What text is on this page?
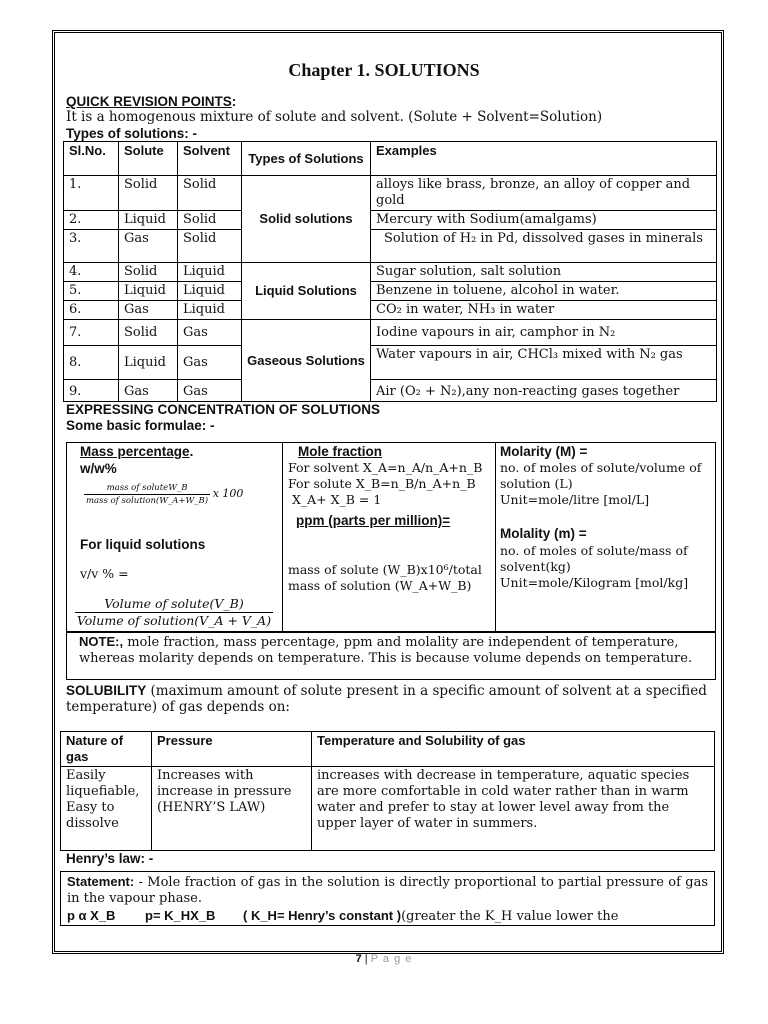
Chapter 1. SOLUTIONS
QUICK REVISION POINTS:
It is a homogenous mixture of solute and solvent. (Solute + Solvent=Solution)
Types of solutions: -
Sl.No.	Solute	Solvent	Types of Solutions	Examples
1.	Solid	Solid	Solid solutions	alloys like brass, bronze, an alloy of copper and gold
2.	Liquid	Solid		Mercury with Sodium(amalgams)
3.	Gas	Solid		Solution of H₂ in Pd, dissolved gases in minerals
4.	Solid	Liquid	Liquid Solutions	Sugar solution, salt solution
5.	Liquid	Liquid		Benzene in toluene, alcohol in water.
6.	Gas	Liquid		CO₂ in water, NH₃ in water
7.	Solid	Gas	Gaseous Solutions	Iodine vapours in air, camphor in N₂
8.	Liquid	Gas		Water vapours in air, CHCl₃ mixed with N₂ gas
9.	Gas	Gas		Air (O₂ + N₂),any non-reacting gases together
EXPRESSING CONCENTRATION OF SOLUTIONS
Some basic formulae: -
Mass percentage.
w/w%
$\frac{\text{mass of soluteW\_B}}{\text{mass of solution(W\_A+W\_B)}}$ x 100
For liquid solutions
v/v % =
$\frac{\text{Volume of solute(V\_B)}}{\text{Volume of solution(V\_A + V\_A)}}$
Mole fraction
For solvent X_A=n_A/n_A+n_B
For solute X_B=n_B/n_A+n_B
X_A+ X_B = 1
ppm (parts per million)=
mass of solute (W_B)x10⁶/total mass of solution (W_A+W_B)
Molarity (M) =
no. of moles of solute/volume of solution (L)
Unit=mole/litre [mol/L]
Molality (m) =
no. of moles of solute/mass of solvent(kg)
Unit=mole/Kilogram [mol/kg]
NOTE:, mole fraction, mass percentage, ppm and molality are independent of temperature, whereas molarity depends on temperature. This is because volume depends on temperature.
SOLUBILITY (maximum amount of solute present in a specific amount of solvent at a specified temperature) of gas depends on:
Nature of gas	Pressure	Temperature and Solubility of gas
Easily liquefiable, Easy to dissolve	Increases with increase in pressure (HENRY’S LAW)	increases with decrease in temperature, aquatic species are more comfortable in cold water rather than in warm water and prefer to stay at lower level away from the upper layer of water in summers.
Henry’s law: -
Statement: - Mole fraction of gas in the solution is directly proportional to partial pressure of gas in the vapour phase.
p α X_B p= K_HX_B ( K_H= Henry’s constant )(greater the K_H value lower the
7 | P a g e
